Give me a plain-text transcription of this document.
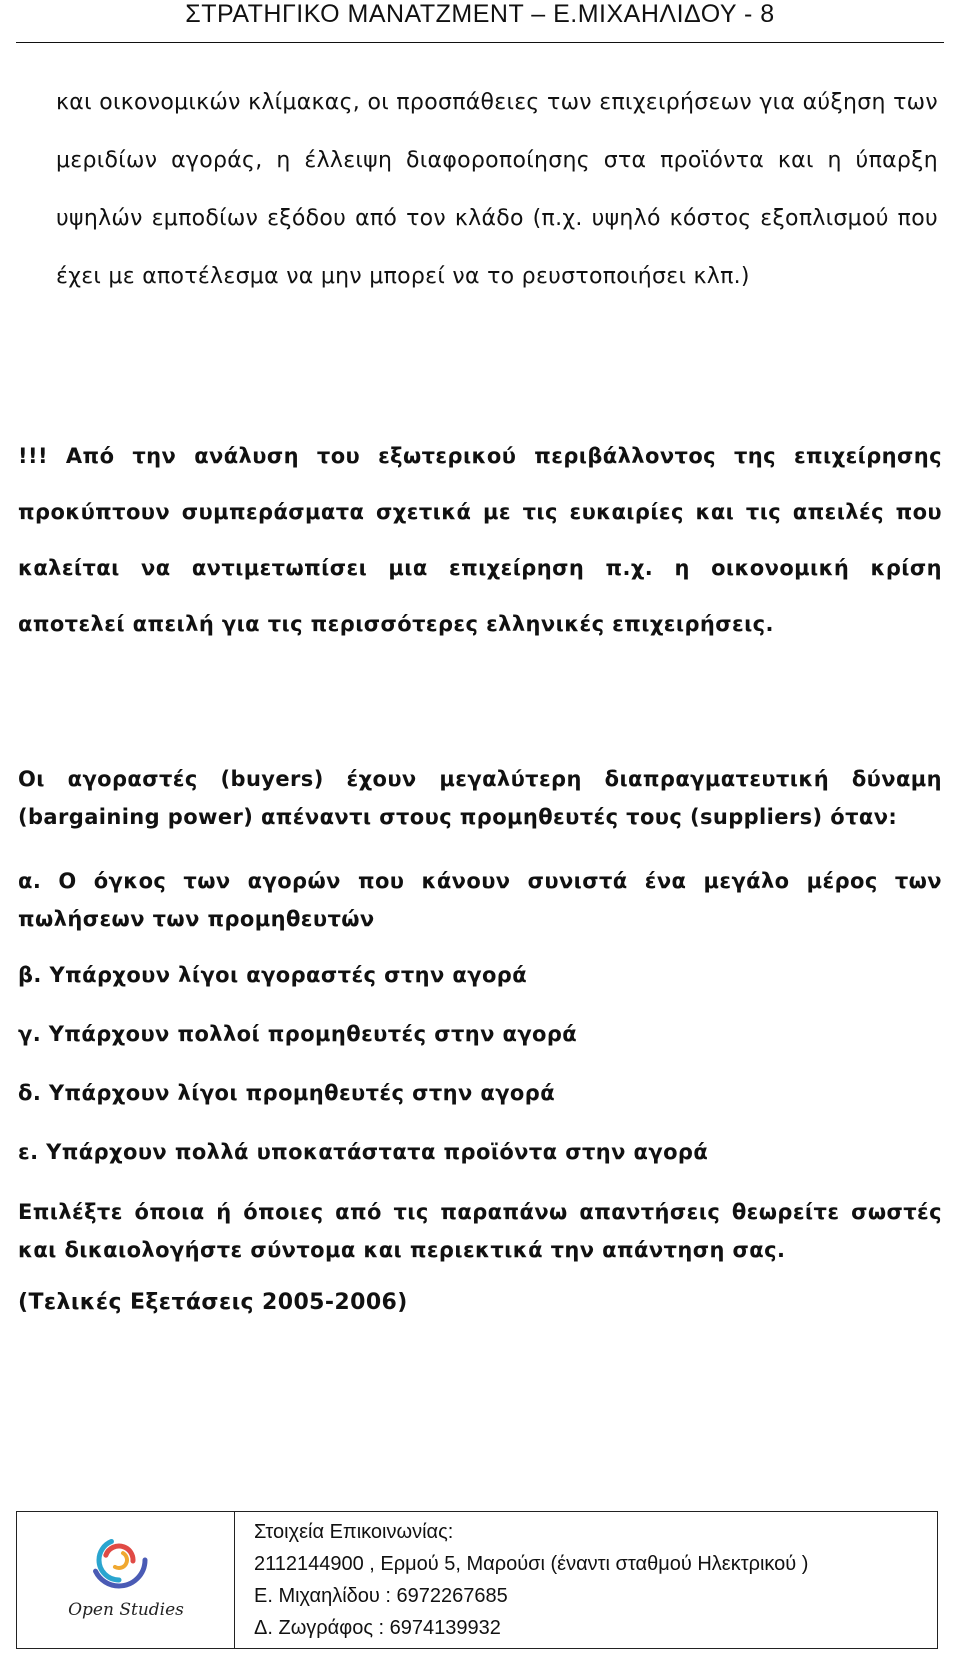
ΣΤΡΑΤΗΓΙΚΟ ΜΑΝΑΤΖΜΕΝΤ – Ε.ΜΙΧΑΗΛΙΔΟΥ - 8
και οικονομικών κλίμακας, οι προσπάθειες των επιχειρήσεων για αύξηση των μεριδίων αγοράς, η έλλειψη διαφοροποίησης στα προϊόντα και η ύπαρξη υψηλών εμποδίων εξόδου από τον κλάδο (π.χ. υψηλό κόστος εξοπλισμού που έχει με αποτέλεσμα να μην μπορεί να το ρευστοποιήσει κλπ.)
!!! Από την ανάλυση του εξωτερικού περιβάλλοντος της επιχείρησης προκύπτουν συμπεράσματα σχετικά με τις ευκαιρίες και τις απειλές που καλείται να αντιμετωπίσει μια επιχείρηση π.χ. η οικονομική κρίση αποτελεί απειλή για τις περισσότερες ελληνικές επιχειρήσεις.
Οι αγοραστές (buyers) έχουν μεγαλύτερη διαπραγματευτική δύναμη (bargaining power) απέναντι στους προμηθευτές τους (suppliers) όταν:
α. Ο όγκος των αγορών που κάνουν συνιστά ένα μεγάλο μέρος των πωλήσεων των προμηθευτών
β. Υπάρχουν λίγοι αγοραστές στην αγορά
γ. Υπάρχουν πολλοί προμηθευτές στην αγορά
δ. Υπάρχουν λίγοι προμηθευτές στην αγορά
ε. Υπάρχουν πολλά υποκατάστατα προϊόντα στην αγορά
Επιλέξτε όποια ή όποιες από τις παραπάνω απαντήσεις θεωρείτε σωστές και δικαιολογήστε σύντομα και περιεκτικά την απάντηση σας.
(Τελικές Εξετάσεις 2005-2006)
Open Studies
Στοιχεία Επικοινωνίας:
2112144900 , Ερμού 5, Μαρούσι (έναντι σταθμού Ηλεκτρικού )
Ε. Μιχαηλίδου : 6972267685
Δ. Ζωγράφος : 6974139932
